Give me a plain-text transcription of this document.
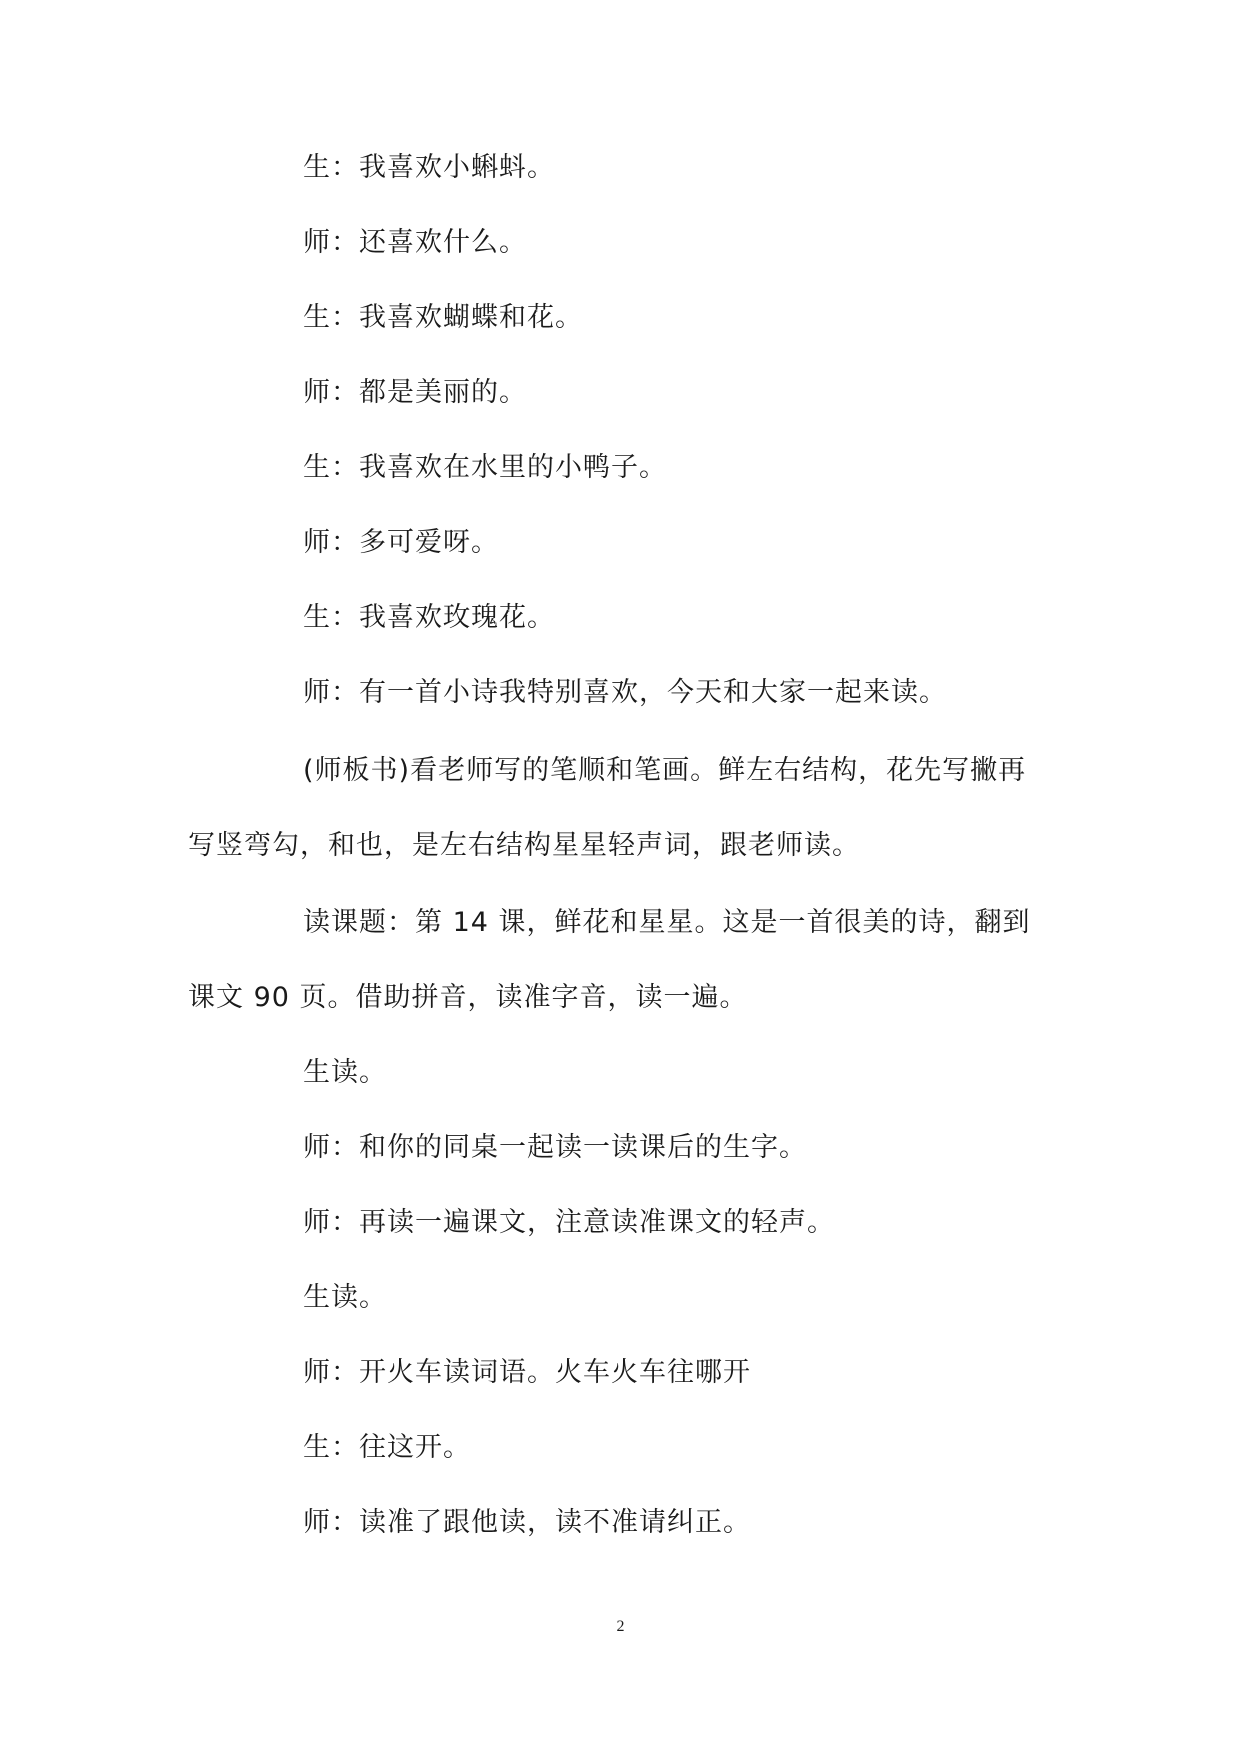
生：我喜欢小蝌蚪。
师：还喜欢什么。
生：我喜欢蝴蝶和花。
师：都是美丽的。
生：我喜欢在水里的小鸭子。
师：多可爱呀。
生：我喜欢玫瑰花。
师：有一首小诗我特别喜欢，今天和大家一起来读。
(师板书)看老师写的笔顺和笔画。鲜左右结构，花先写撇再
写竖弯勾，和也，是左右结构星星轻声词，跟老师读。
读课题：第 14 课，鲜花和星星。这是一首很美的诗，翻到
课文 90 页。借助拼音，读准字音，读一遍。
生读。
师：和你的同桌一起读一读课后的生字。
师：再读一遍课文，注意读准课文的轻声。
生读。
师：开火车读词语。火车火车往哪开
生：往这开。
师：读准了跟他读，读不准请纠正。
2
